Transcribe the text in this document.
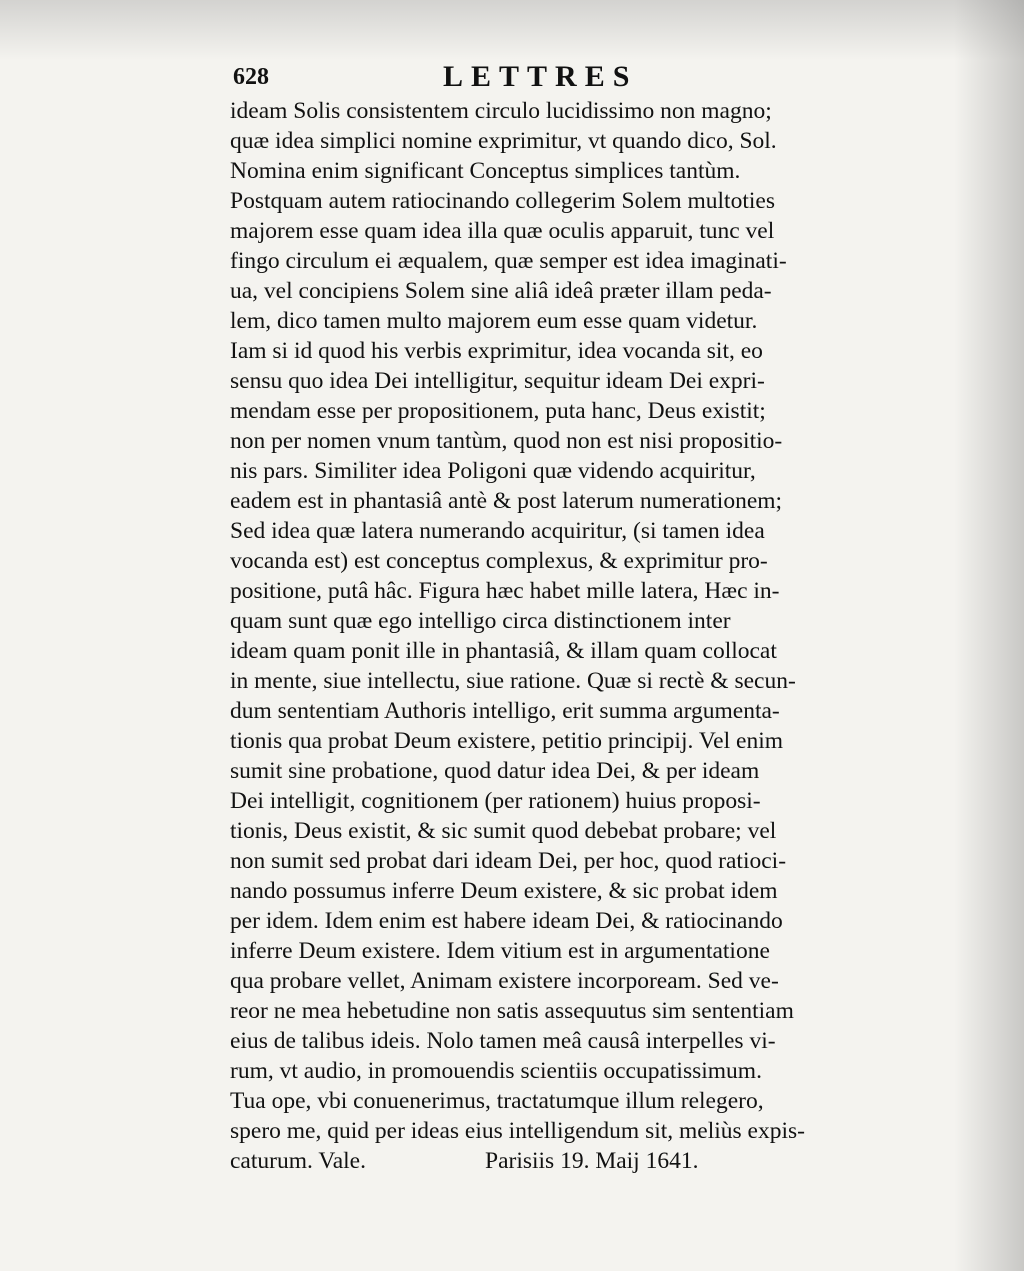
628	LETTRES
ideam Solis consistentem circulo lucidissimo non magno;
quæ idea simplici nomine exprimitur, vt quando dico, Sol.
Nomina enim significant Conceptus simplices tantùm.
Postquam autem ratiocinando collegerim Solem multoties
majorem esse quam idea illa quæ oculis apparuit, tunc vel
fingo circulum ei æqualem, quæ semper est idea imaginati-
ua, vel concipiens Solem sine aliâ ideâ præter illam peda-
lem, dico tamen multo majorem eum esse quam videtur.
Iam si id quod his verbis exprimitur, idea vocanda sit, eo
sensu quo idea Dei intelligitur, sequitur ideam Dei expri-
mendam esse per propositionem, puta hanc, Deus existit;
non per nomen vnum tantùm, quod non est nisi propositio-
nis pars. Similiter idea Poligoni quæ videndo acquiritur,
eadem est in phantasiâ antè & post laterum numerationem;
Sed idea quæ latera numerando acquiritur, (si tamen idea
vocanda est) est conceptus complexus, & exprimitur pro-
positione, putâ hâc. Figura hæc habet mille latera, Hæc in-
quam sunt quæ ego intelligo circa distinctionem inter
ideam quam ponit ille in phantasiâ, & illam quam collocat
in mente, siue intellectu, siue ratione. Quæ si rectè & secun-
dum sententiam Authoris intelligo, erit summa argumenta-
tionis qua probat Deum existere, petitio principij. Vel enim
sumit sine probatione, quod datur idea Dei, & per ideam
Dei intelligit, cognitionem (per rationem) huius proposi-
tionis, Deus existit, & sic sumit quod debebat probare; vel
non sumit sed probat dari ideam Dei, per hoc, quod ratioci-
nando possumus inferre Deum existere, & sic probat idem
per idem. Idem enim est habere ideam Dei, & ratiocinando
inferre Deum existere. Idem vitium est in argumentatione
qua probare vellet, Animam existere incorpoream. Sed ve-
reor ne mea hebetudine non satis assequutus sim sententiam
eius de talibus ideis. Nolo tamen meâ causâ interpelles vi-
rum, vt audio, in promouendis scientiis occupatissimum.
Tua ope, vbi conuenerimus, tractatumque illum relegero,
spero me, quid per ideas eius intelligendum sit, meliùs expis-
caturum. Vale.	Parisiis 19. Maij 1641.
